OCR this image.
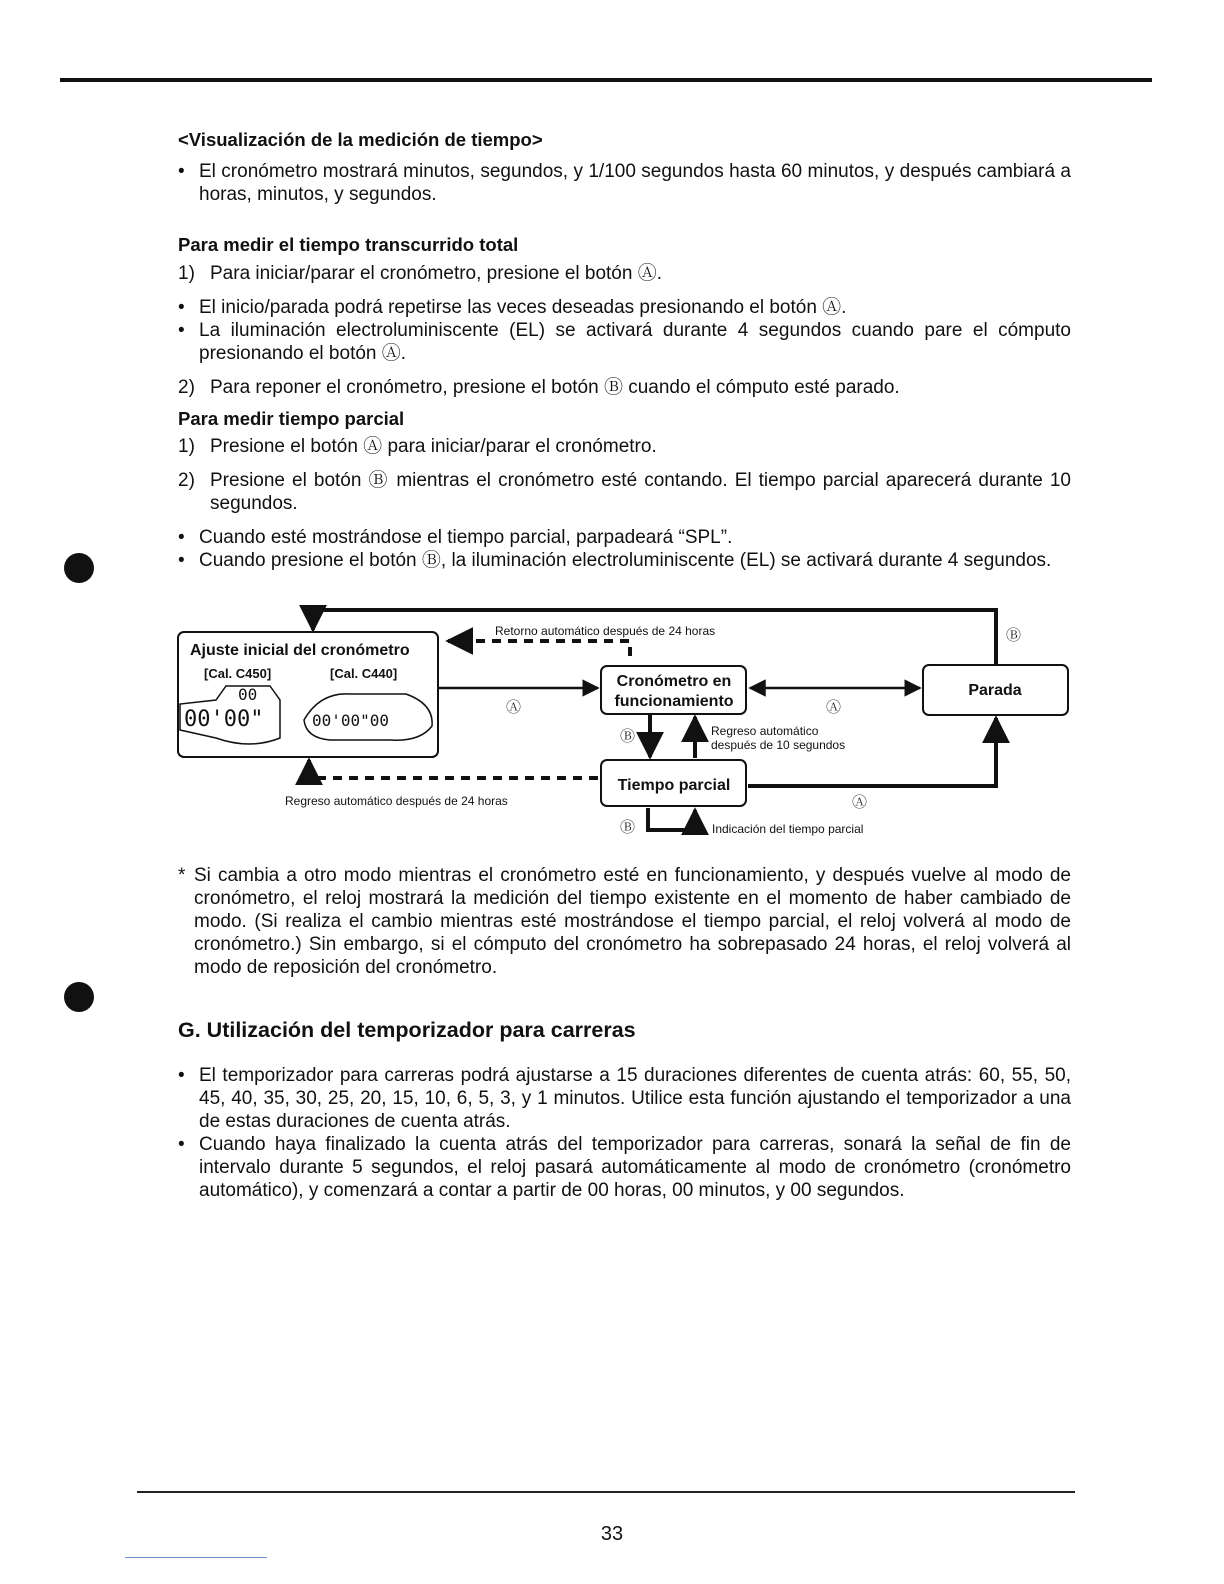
<Visualización de la medición de tiempo>

• El cronómetro mostrará minutos, segundos, y 1/100 segundos hasta 60 minutos, y después cambiará a horas, minutos, y segundos.

Para medir el tiempo transcurrido total

1) Para iniciar/parar el cronómetro, presione el botón Ⓐ.
• El inicio/parada podrá repetirse las veces deseadas presionando el botón Ⓐ.
• La iluminación electroluminiscente (EL) se activará durante 4 segundos cuando pare el cómputo presionando el botón Ⓐ.
2) Para reponer el cronómetro, presione el botón Ⓑ cuando el cómputo esté parado.

Para medir tiempo parcial

1) Presione el botón Ⓐ para iniciar/parar el cronómetro.
2) Presione el botón Ⓑ mientras el cronómetro esté contando. El tiempo parcial aparecerá durante 10 segundos.
• Cuando esté mostrándose el tiempo parcial, parpadeará “SPL”.
• Cuando presione el botón Ⓑ, la iluminación electroluminiscente (EL) se activará durante 4 segundos.
* Si cambia a otro modo mientras el cronómetro esté en funcionamiento, y después vuelve al modo de cronómetro, el reloj mostrará la medición del tiempo existente en el momento de haber cambiado de modo. (Si realiza el cambio mientras esté mostrándose el tiempo parcial, el reloj volverá al modo de cronómetro.) Sin embargo, si el cómputo del cronómetro ha sobrepasado 24 horas, el reloj volverá al modo de reposición del cronómetro.

G. Utilización del temporizador para carreras

• El temporizador para carreras podrá ajustarse a 15 duraciones diferentes de cuenta atrás: 60, 55, 50, 45, 40, 35, 30, 25, 20, 15, 10, 6, 5, 3, y 1 minutos. Utilice esta función ajustando el temporizador a una de estas duraciones de cuenta atrás.
• Cuando haya finalizado la cuenta atrás del temporizador para carreras, sonará la señal de fin de intervalo durante 5 segundos, el reloj pasará automáticamente al modo de cronómetro (cronómetro automático), y comenzará a contar a partir de 00 horas, 00 minutos, y 00 segundos.
Ajuste inicial del cronómetro
[Cal. C450]	[Cal. C440]
00
00'00"	00'00"00
Cronómetro en
funcionamiento
Parada
Tiempo parcial
Ⓑ
Retorno automático después de 24 horas
Ⓐ	Ⓐ
Ⓑ	Regreso automático
después de 10 segundos
Ⓐ
Regreso automático después de 24 horas
Ⓑ	Indicación del tiempo parcial
33
